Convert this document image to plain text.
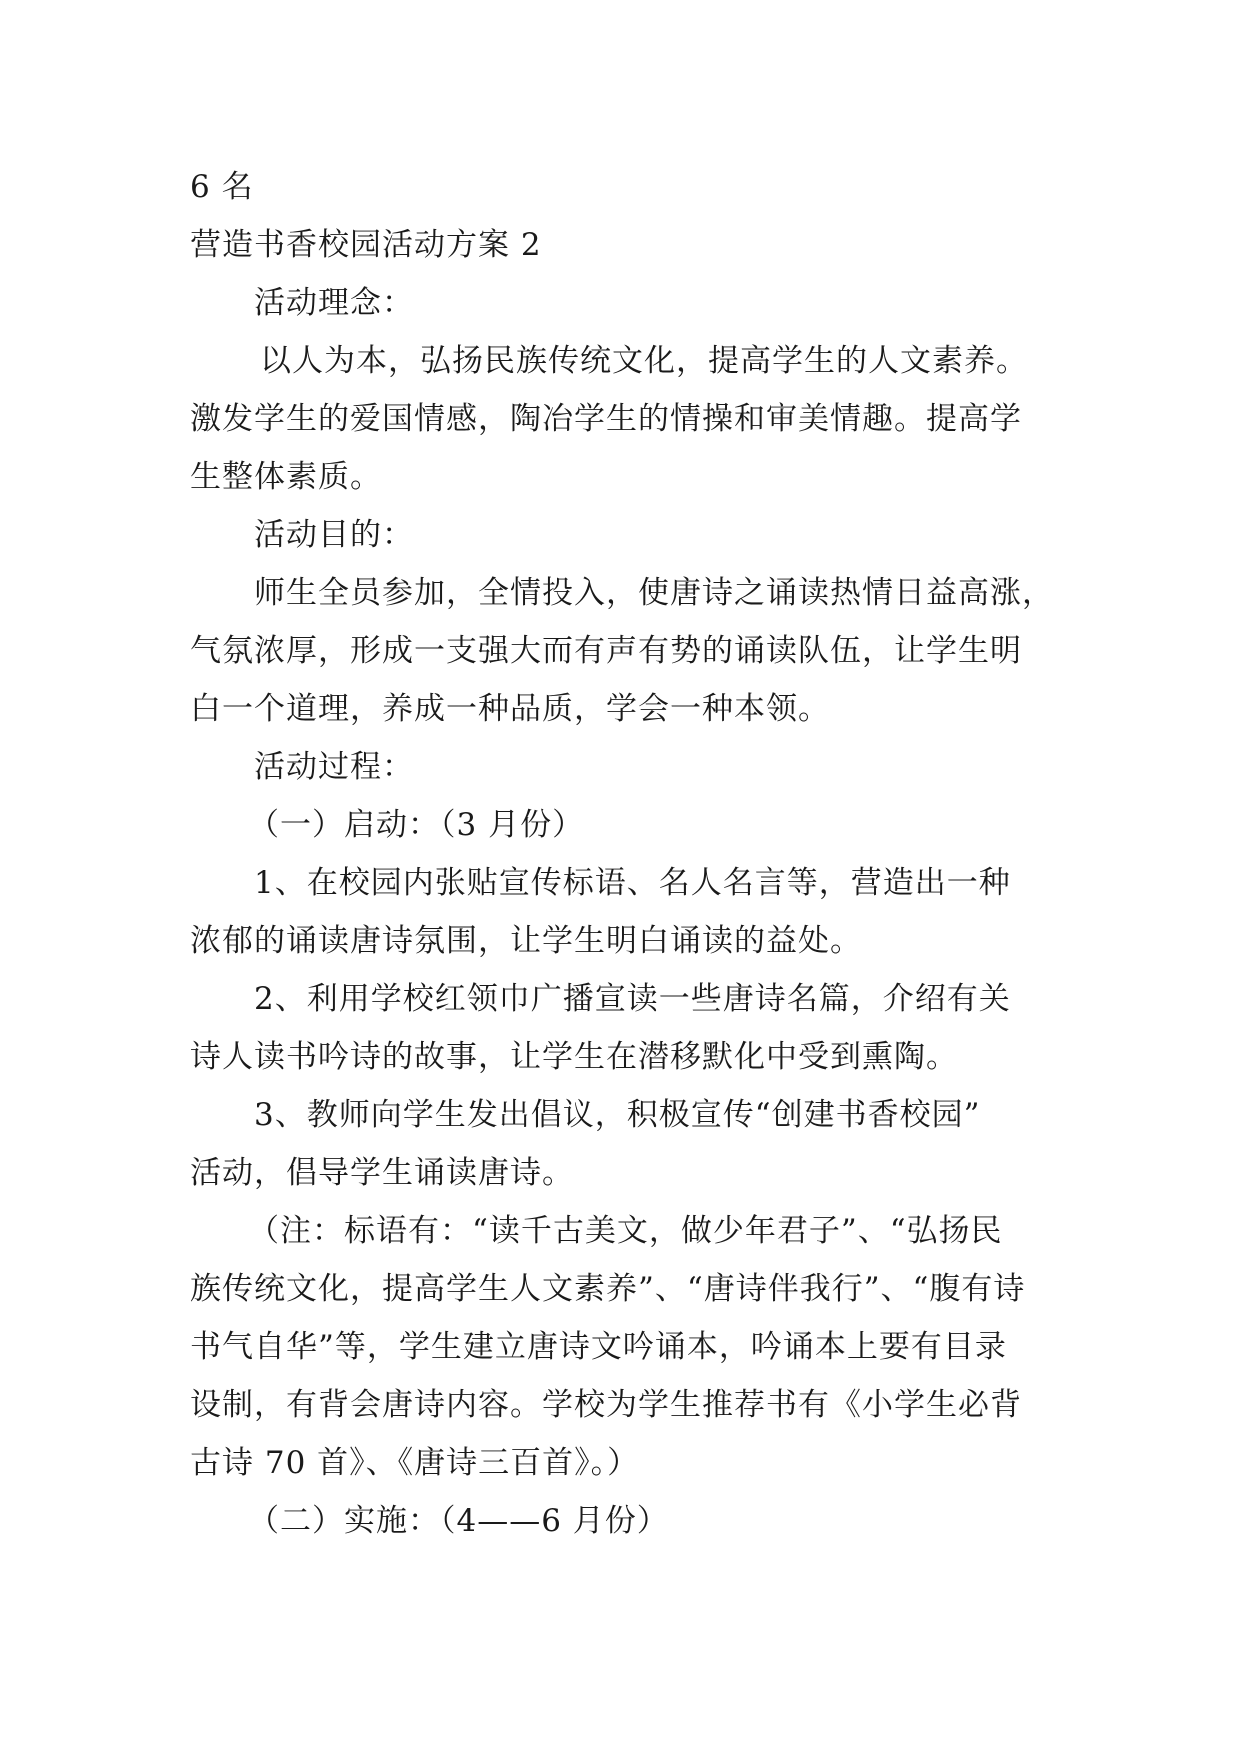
6 名

营造书香校园活动方案 2

活动理念：

以人为本，弘扬民族传统文化，提高学生的人文素养。

激发学生的爱国情感，陶冶学生的情操和审美情趣。提高学

生整体素质。

活动目的：

师生全员参加，全情投入，使唐诗之诵读热情日益高涨，

气氛浓厚，形成一支强大而有声有势的诵读队伍，让学生明

白一个道理，养成一种品质，学会一种本领。

活动过程：

（一）启动：（3 月份）

1、在校园内张贴宣传标语、名人名言等，营造出一种

浓郁的诵读唐诗氛围，让学生明白诵读的益处。

2、利用学校红领巾广播宣读一些唐诗名篇，介绍有关

诗人读书吟诗的故事，让学生在潜移默化中受到熏陶。

3、教师向学生发出倡议，积极宣传“创建书香校园”

活动，倡导学生诵读唐诗。

（注：标语有：“读千古美文，做少年君子”、“弘扬民

族传统文化，提高学生人文素养”、“唐诗伴我行”、“腹有诗

书气自华”等，学生建立唐诗文吟诵本，吟诵本上要有目录

设制，有背会唐诗内容。学校为学生推荐书有《小学生必背

古诗 70 首》、《唐诗三百首》。）

（二）实施：（4——6 月份）
